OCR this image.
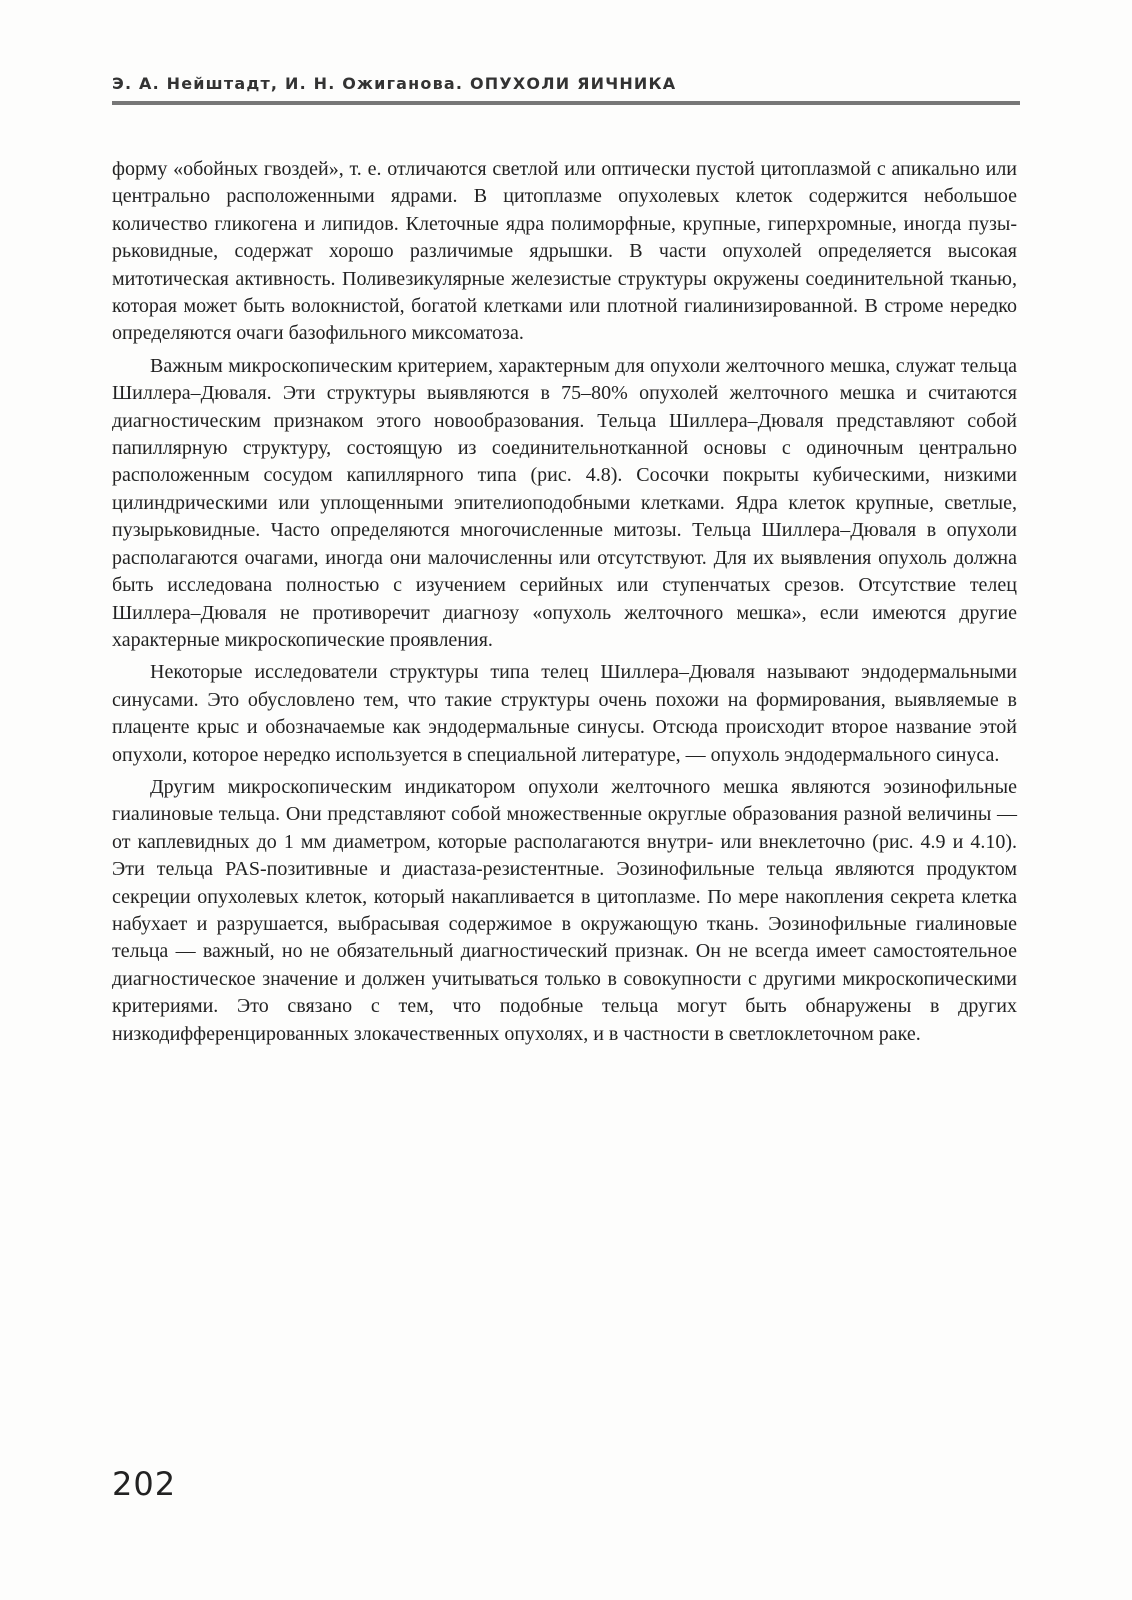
Э. А. Нейштадт, И. Н. Ожиганова. ОПУХОЛИ ЯИЧНИКА

форму «обойных гвоздей», т. е. отличаются светлой или оптически пустой цитоплазмой с апикально или центрально расположенными ядрами. В цитоплазме опухолевых клеток содержится небольшое количество гликогена и липидов. Клеточные ядра полиморфные, крупные, гиперхромные, иногда пузырьковидные, содержат хорошо различимые ядрышки. В части опухолей определяется высокая митотическая активность. Поливезикулярные железистые структуры окружены соединительной тканью, которая может быть волокнистой, богатой клетками или плотной гиалинизированной. В строме нередко определяются очаги базофильного миксоматоза.

Важным микроскопическим критерием, характерным для опухоли желточного мешка, служат тельца Шиллера–Дюваля. Эти структуры выявляются в 75–80% опухолей желточного мешка и считаются диагностическим признаком этого новообразования. Тельца Шиллера–Дюваля представляют собой папиллярную структуру, состоящую из соединительнотканной основы с одиночным центрально расположенным сосудом капиллярного типа (рис. 4.8). Сосочки покрыты кубическими, низкими цилиндрическими или уплощенными эпителиоподобными клетками. Ядра клеток крупные, светлые, пузырьковидные. Часто определяются многочисленные митозы. Тельца Шиллера–Дюваля в опухоли располагаются очагами, иногда они малочисленны или отсутствуют. Для их выявления опухоль должна быть исследована полностью с изучением серийных или ступенчатых срезов. Отсутствие телец Шиллера–Дюваля не противоречит диагнозу «опухоль желточного мешка», если имеются другие характерные микроскопические проявления.

Некоторые исследователи структуры типа телец Шиллера–Дюваля называют эндодермальными синусами. Это обусловлено тем, что такие структуры очень похожи на формирования, выявляемые в плаценте крыс и обозначаемые как эндодермальные синусы. Отсюда происходит второе название этой опухоли, которое нередко используется в специальной литературе, — опухоль эндодермального синуса.

Другим микроскопическим индикатором опухоли желточного мешка являются эозинофильные гиалиновые тельца. Они представляют собой множественные округлые образования разной величины — от каплевидных до 1 мм диаметром, которые располагаются внутри- или внеклеточно (рис. 4.9 и 4.10). Эти тельца PAS-позитивные и диастаза-резистентные. Эозинофильные тельца являются продуктом секреции опухолевых клеток, который накапливается в цитоплазме. По мере накопления секрета клетка набухает и разрушается, выбрасывая содержимое в окружающую ткань. Эозинофильные гиалиновые тельца — важный, но не обязательный диагностический признак. Он не всегда имеет самостоятельное диагностическое значение и должен учитываться только в совокупности с другими микроскопическими критериями. Это связано с тем, что подобные тельца могут быть обнаружены в других низкодифференцированных злокачественных опухолях, и в частности в светлоклеточном раке.

202
